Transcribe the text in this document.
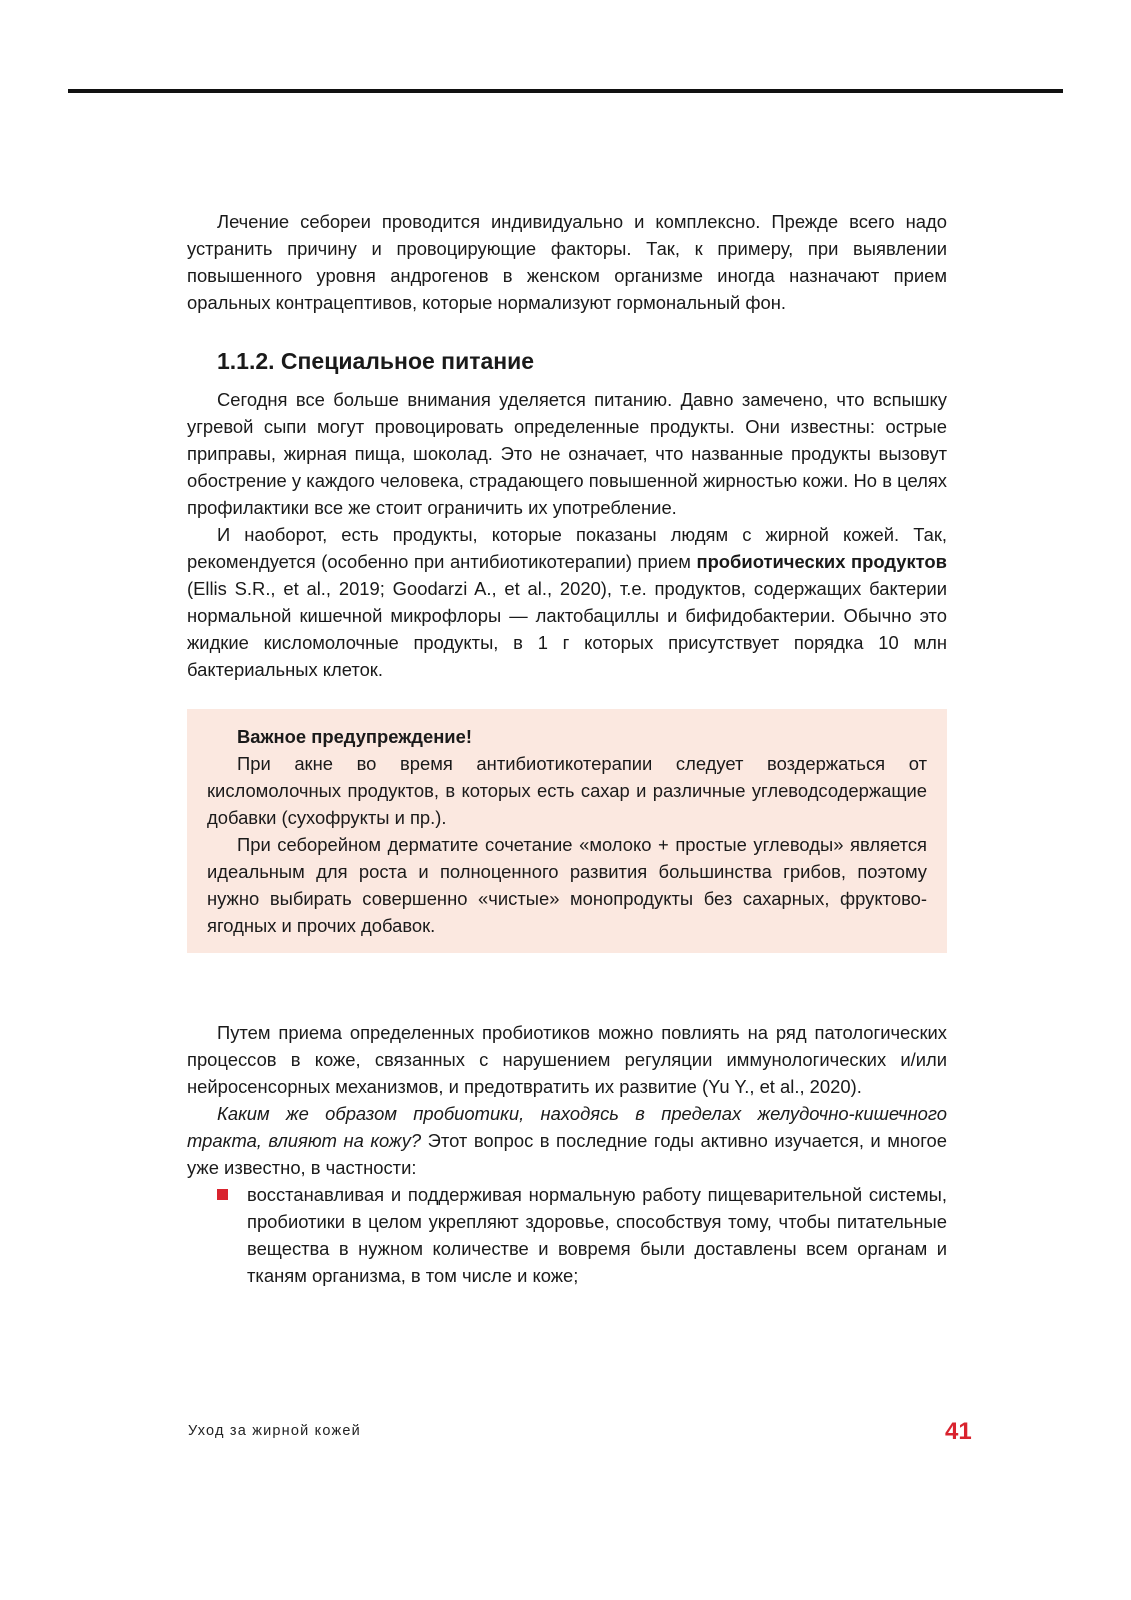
Лечение себореи проводится индивидуально и комплексно. Прежде всего надо устранить причину и провоцирующие факторы. Так, к примеру, при выявлении повышенного уровня андрогенов в женском организме иногда назначают прием оральных контрацептивов, которые нормализуют гормональный фон.

1.1.2. Специальное питание

Сегодня все больше внимания уделяется питанию. Давно замечено, что вспышку угревой сыпи могут провоцировать определенные продукты. Они известны: острые приправы, жирная пища, шоколад. Это не означает, что названные продукты вызовут обострение у каждого человека, страдающего повышенной жирностью кожи. Но в целях профилактики все же стоит ограничить их употребление.

И наоборот, есть продукты, которые показаны людям с жирной кожей. Так, рекомендуется (особенно при антибиотикотерапии) прием пробиотических продуктов (Ellis S.R., et al., 2019; Goodarzi A., et al., 2020), т.е. продуктов, содержащих бактерии нормальной кишечной микрофлоры — лактобациллы и бифидобактерии. Обычно это жидкие кисломолочные продукты, в 1 г которых присутствует порядка 10 млн бактериальных клеток.

Важное предупреждение!

При акне во время антибиотикотерапии следует воздержаться от кисломолочных продуктов, в которых есть сахар и различные углеводсодержащие добавки (сухофрукты и пр.).

При себорейном дерматите сочетание «молоко + простые углеводы» является идеальным для роста и полноценного развития большинства грибов, поэтому нужно выбирать совершенно «чистые» монопродукты без сахарных, фруктово-ягодных и прочих добавок.

Путем приема определенных пробиотиков можно повлиять на ряд патологических процессов в коже, связанных с нарушением регуляции иммунологических и/или нейросенсорных механизмов, и предотвратить их развитие (Yu Y., et al., 2020).

Каким же образом пробиотики, находясь в пределах желудочно-кишечного тракта, влияют на кожу? Этот вопрос в последние годы активно изучается, и многое уже известно, в частности:

восстанавливая и поддерживая нормальную работу пищеварительной системы, пробиотики в целом укрепляют здоровье, способствуя тому, чтобы питательные вещества в нужном количестве и вовремя были доставлены всем органам и тканям организма, в том числе и коже;
Уход за жирной кожей	41
